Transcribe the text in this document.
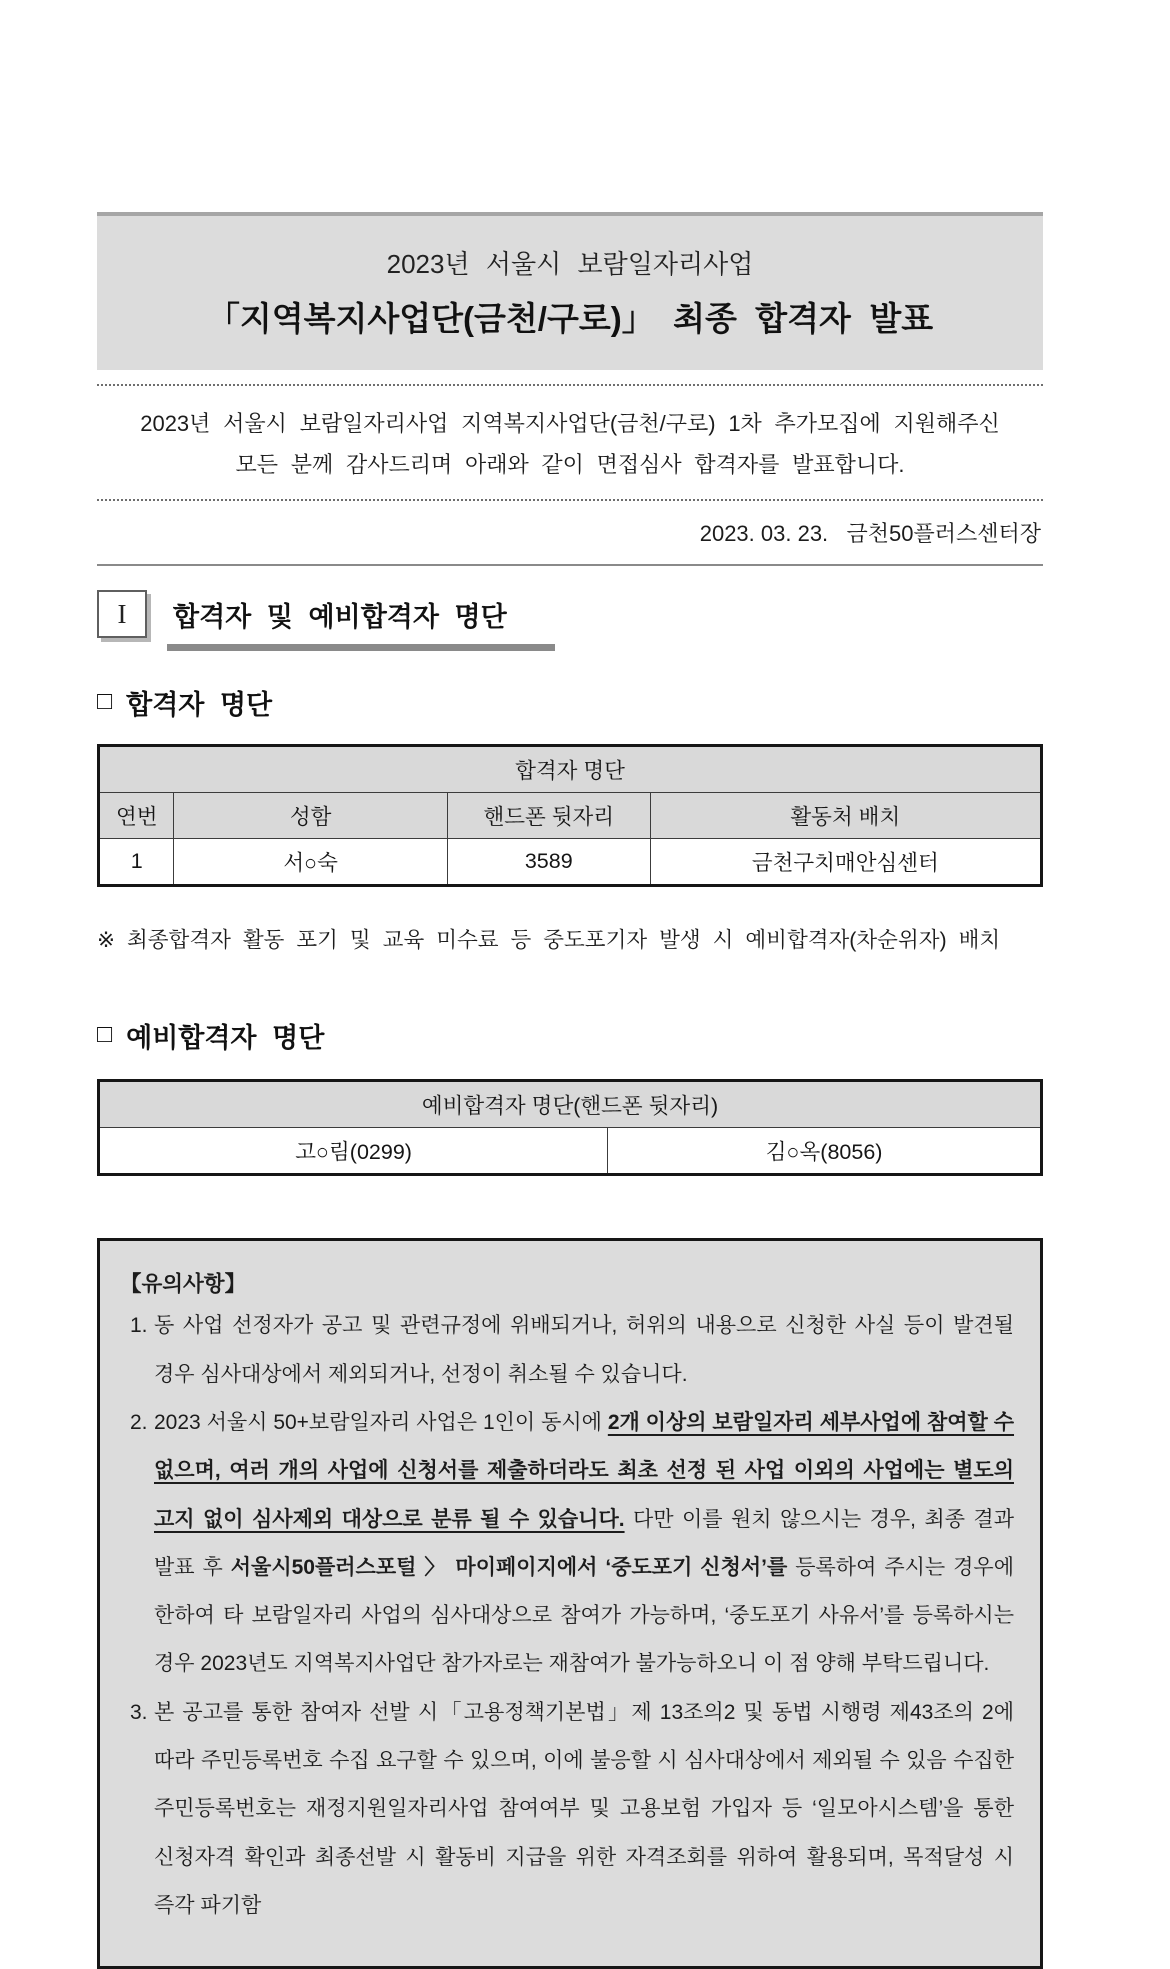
2023년 서울시 보람일자리사업
「지역복지사업단(금천/구로)」 최종 합격자 발표
2023년 서울시 보람일자리사업 지역복지사업단(금천/구로) 1차 추가모집에 지원해주신
모든 분께 감사드리며 아래와 같이 면접심사 합격자를 발표합니다.
2023. 03. 23.   금천50플러스센터장
I	합격자 및 예비합격자 명단
□ 합격자 명단
합격자 명단			
연번	성함	핸드폰 뒷자리	활동처 배치
1	서○숙	3589	금천구치매안심센터
※ 최종합격자 활동 포기 및 교육 미수료 등 중도포기자 발생 시 예비합격자(차순위자) 배치
□ 예비합격자 명단
예비합격자 명단(핸드폰 뒷자리)
고○림(0299)	김○옥(8056)
【유의사항】
1. 동 사업 선정자가 공고 및 관련규정에 위배되거나, 허위의 내용으로 신청한 사실 등이 발견될 경우 심사대상에서 제외되거나, 선정이 취소될 수 있습니다.
2. 2023 서울시 50+보람일자리 사업은 1인이 동시에 2개 이상의 보람일자리 세부사업에 참여할 수 없으며, 여러 개의 사업에 신청서를 제출하더라도 최초 선정 된 사업 이외의 사업에는 별도의 고지 없이 심사제외 대상으로 분류 될 수 있습니다. 다만 이를 원치 않으시는 경우, 최종 결과 발표 후 서울시50플러스포털 〉 마이페이지에서 ‘중도포기 신청서’를 등록하여 주시는 경우에 한하여 타 보람일자리 사업의 심사대상으로 참여가 가능하며, ‘중도포기 사유서’를 등록하시는 경우 2023년도 지역복지사업단 참가자로는 재참여가 불가능하오니 이 점 양해 부탁드립니다.
3. 본 공고를 통한 참여자 선발 시「고용정책기본법」제 13조의2 및 동법 시행령 제43조의 2에 따라 주민등록번호 수집 요구할 수 있으며, 이에 불응할 시 심사대상에서 제외될 수 있음 수집한 주민등록번호는 재정지원일자리사업 참여여부 및 고용보험 가입자 등 ‘일모아시스템’을 통한 신청자격 확인과 최종선발 시 활동비 지급을 위한 자격조회를 위하여 활용되며, 목적달성 시 즉각 파기함
